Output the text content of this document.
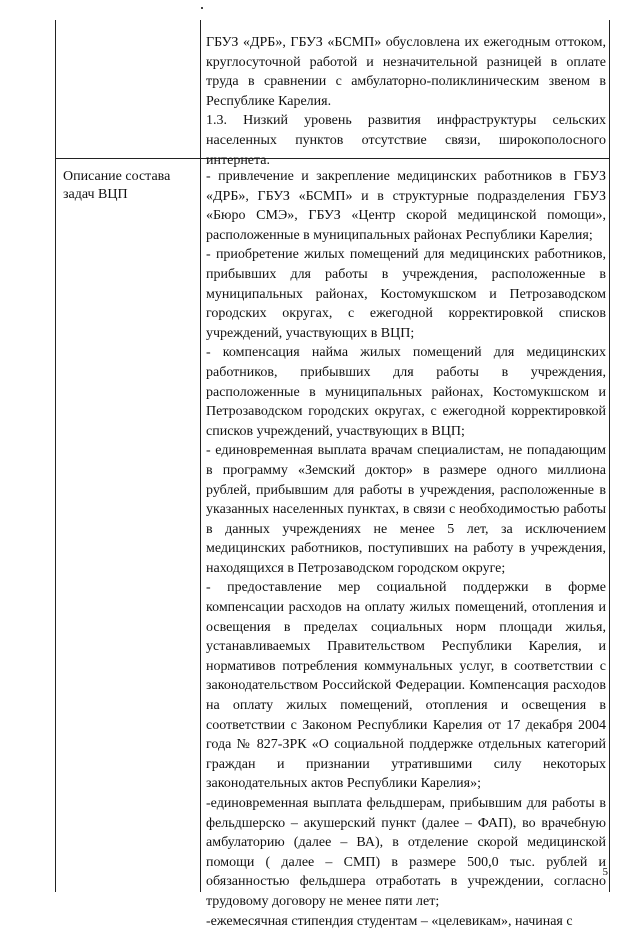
ГБУЗ «ДРБ», ГБУЗ «БСМП» обусловлена их ежегодным оттоком, круглосуточной работой и незначительной разницей в оплате труда в сравнении с амбулаторно-поликлиническим звеном в Республике Карелия.

1.3. Низкий уровень развития инфраструктуры сельских населенных пунктов отсутствие связи, широкополосного интернета.

Описание состава задач ВЦП

- привлечение и закрепление медицинских работников в ГБУЗ «ДРБ», ГБУЗ «БСМП» и в структурные подразделения ГБУЗ «Бюро СМЭ», ГБУЗ «Центр скорой медицинской помощи», расположенные в муниципальных районах Республики Карелия;

- приобретение жилых помещений для медицинских работников, прибывших для работы в учреждения, расположенные в муниципальных районах, Костомукшском и Петрозаводском городских округах, с ежегодной корректировкой списков учреждений, участвующих в ВЦП;

- компенсация найма жилых помещений для медицинских работников, прибывших для работы в учреждения, расположенные в муниципальных районах, Костомукшском и Петрозаводском городских округах, с ежегодной корректировкой списков учреждений, участвующих в ВЦП;

- единовременная выплата врачам специалистам, не попадающим в программу «Земский доктор» в размере одного миллиона рублей, прибывшим для работы в учреждения, расположенные в указанных населенных пунктах, в связи с необходимостью работы в данных учреждениях не менее 5 лет, за исключением медицинских работников, поступивших на работу в учреждения, находящихся в Петрозаводском городском округе;

- предоставление мер социальной поддержки в форме компенсации расходов на оплату жилых помещений, отопления и освещения в пределах социальных норм площади жилья, устанавливаемых Правительством Республики Карелия, и нормативов потребления коммунальных услуг, в соответствии с законодательством Российской Федерации. Компенсация расходов на оплату жилых помещений, отопления и освещения в соответствии с Законом Республики Карелия от 17 декабря 2004 года № 827-ЗРК «О социальной поддержке отдельных категорий граждан и признании утратившими силу некоторых законодательных актов Республики Карелия»;

-единовременная выплата фельдшерам, прибывшим для работы в фельдшерско – акушерский пункт (далее – ФАП), во врачебную амбулаторию (далее – ВА), в отделение скорой медицинской помощи ( далее – СМП) в размере 500,0 тыс. рублей и обязанностью фельдшера отработать в учреждении, согласно трудовому договору не менее пяти лет;

-ежемесячная стипендия студентам – «целевикам», начиная с

5
